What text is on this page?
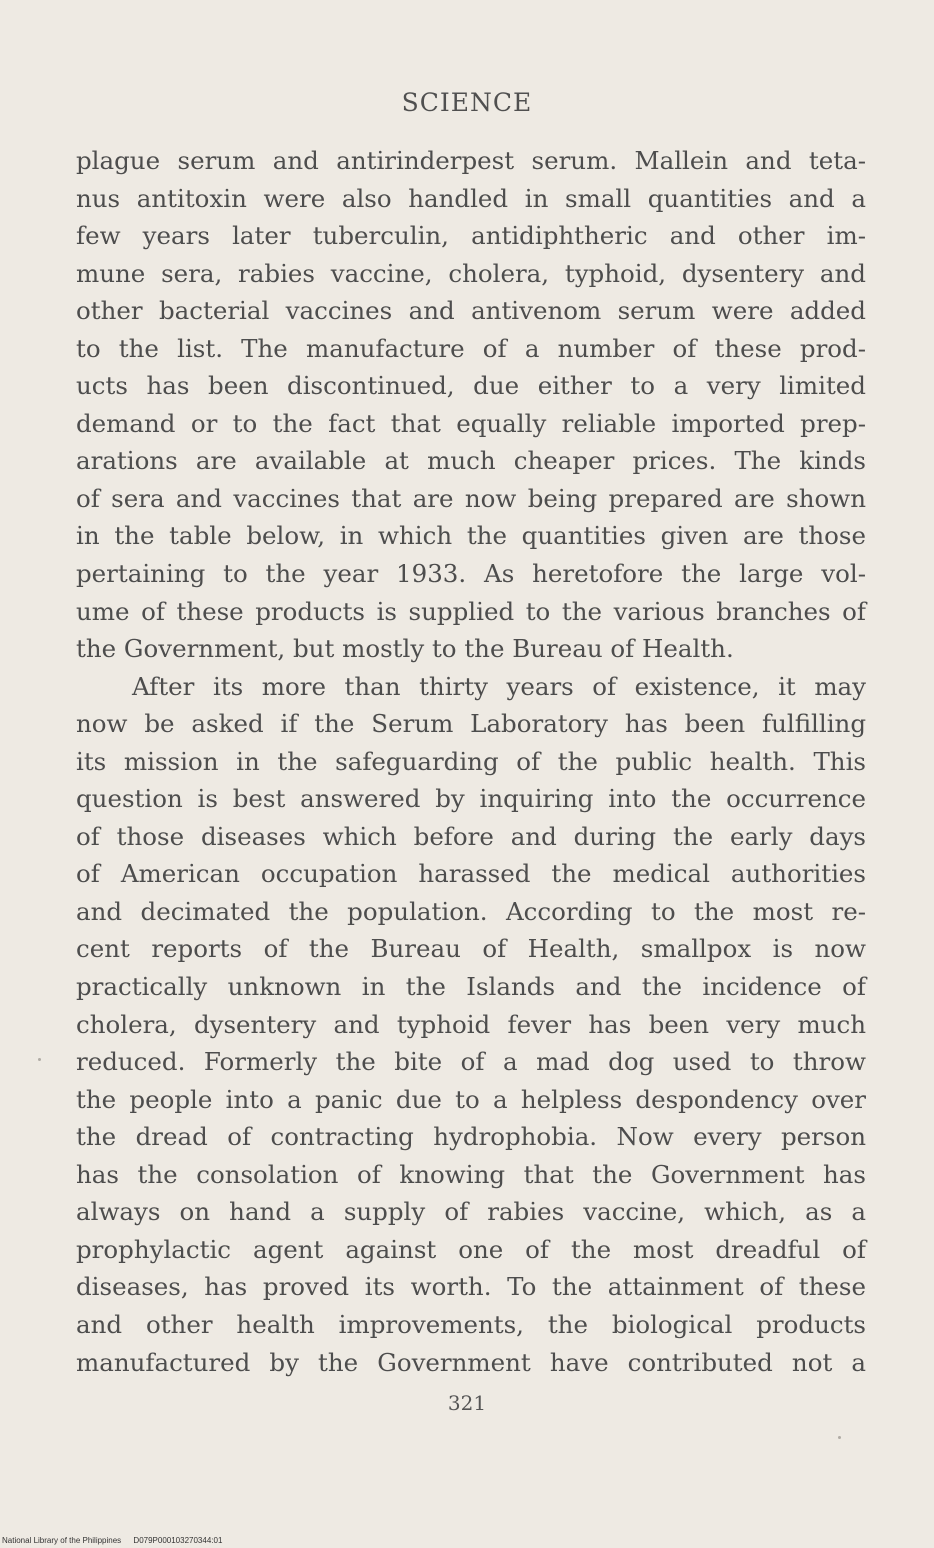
SCIENCE
plague serum and antirinderpest serum. Mallein and teta-
nus antitoxin were also handled in small quantities and a
few years later tuberculin, antidiphtheric and other im-
mune sera, rabies vaccine, cholera, typhoid, dysentery and
other bacterial vaccines and antivenom serum were added
to the list. The manufacture of a number of these prod-
ucts has been discontinued, due either to a very limited
demand or to the fact that equally reliable imported prep-
arations are available at much cheaper prices. The kinds
of sera and vaccines that are now being prepared are shown
in the table below, in which the quantities given are those
pertaining to the year 1933. As heretofore the large vol-
ume of these products is supplied to the various branches of
the Government, but mostly to the Bureau of Health.
After its more than thirty years of existence, it may
now be asked if the Serum Laboratory has been fulfilling
its mission in the safeguarding of the public health. This
question is best answered by inquiring into the occurrence
of those diseases which before and during the early days
of American occupation harassed the medical authorities
and decimated the population. According to the most re-
cent reports of the Bureau of Health, smallpox is now
practically unknown in the Islands and the incidence of
cholera, dysentery and typhoid fever has been very much
reduced. Formerly the bite of a mad dog used to throw
the people into a panic due to a helpless despondency over
the dread of contracting hydrophobia. Now every person
has the consolation of knowing that the Government has
always on hand a supply of rabies vaccine, which, as a
prophylactic agent against one of the most dreadful of
diseases, has proved its worth. To the attainment of these
and other health improvements, the biological products
manufactured by the Government have contributed not a
321
National Library of the Philippines D079P000103270344:01
